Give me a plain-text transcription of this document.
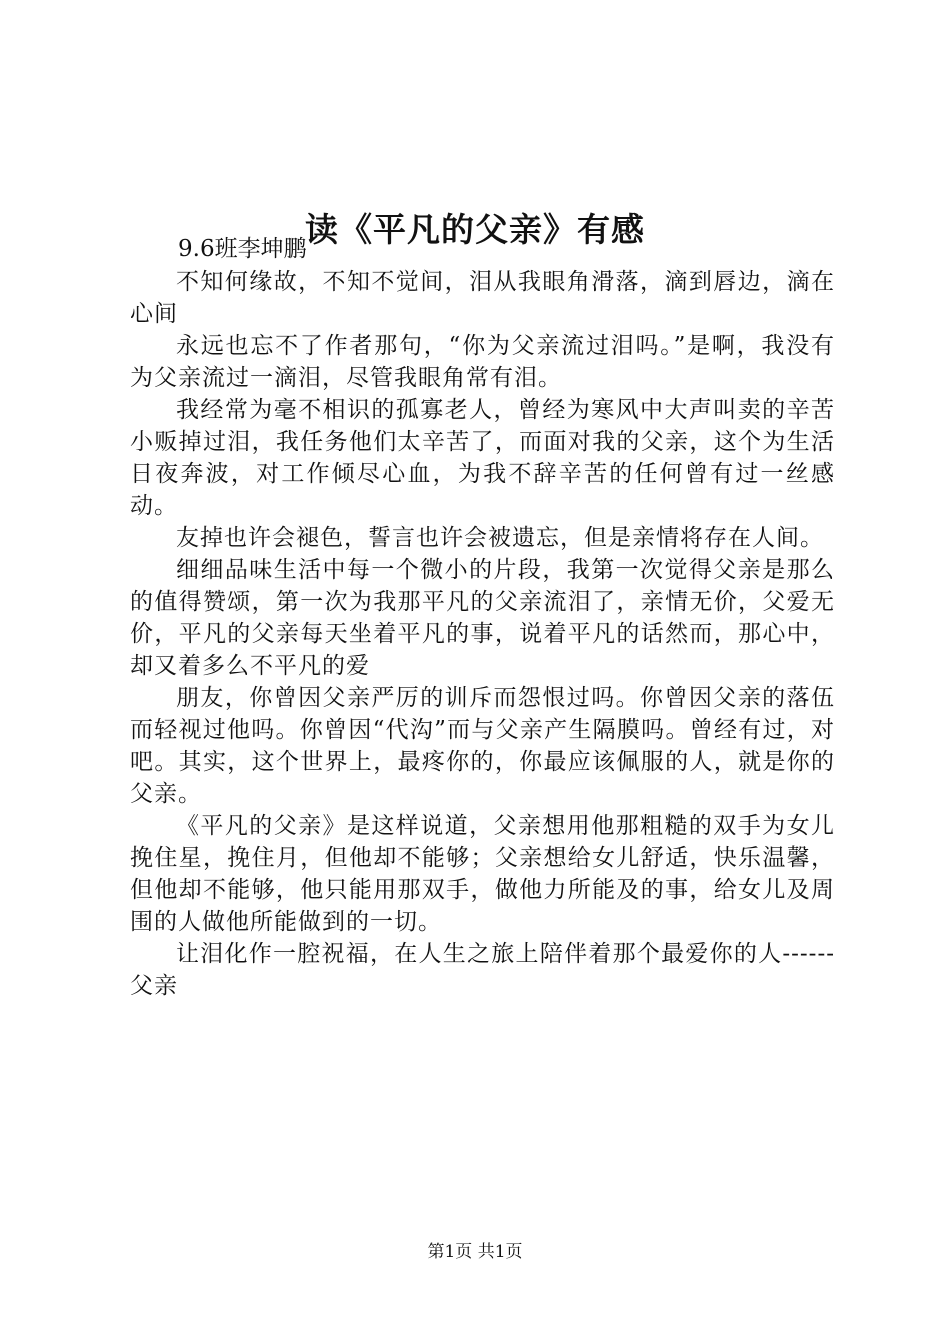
读《平凡的父亲》有感
9.6班李坤鹏

不知何缘故，不知不觉间，泪从我眼角滑落，滴到唇边，滴在心间

永远也忘不了作者那句，“你为父亲流过泪吗。”是啊，我没有为父亲流过一滴泪，尽管我眼角常有泪。

我经常为毫不相识的孤寡老人，曾经为寒风中大声叫卖的辛苦小贩掉过泪，我任务他们太辛苦了，而面对我的父亲，这个为生活日夜奔波，对工作倾尽心血，为我不辞辛苦的任何曾有过一丝感动。

友掉也许会褪色，誓言也许会被遗忘，但是亲情将存在人间。

细细品味生活中每一个微小的片段，我第一次觉得父亲是那么的值得赞颂，第一次为我那平凡的父亲流泪了，亲情无价，父爱无价，平凡的父亲每天坐着平凡的事，说着平凡的话然而，那心中，却又着多么不平凡的爱

朋友，你曾因父亲严厉的训斥而怨恨过吗。你曾因父亲的落伍而轻视过他吗。你曾因“代沟”而与父亲产生隔膜吗。曾经有过，对吧。其实，这个世界上，最疼你的，你最应该佩服的人，就是你的父亲。

《平凡的父亲》是这样说道，父亲想用他那粗糙的双手为女儿挽住星，挽住月，但他却不能够；父亲想给女儿舒适，快乐温馨，但他却不能够，他只能用那双手，做他力所能及的事，给女儿及周围的人做他所能做到的一切。

让泪化作一腔祝福，在人生之旅上陪伴着那个最爱你的人------父亲

第1页 共1页
